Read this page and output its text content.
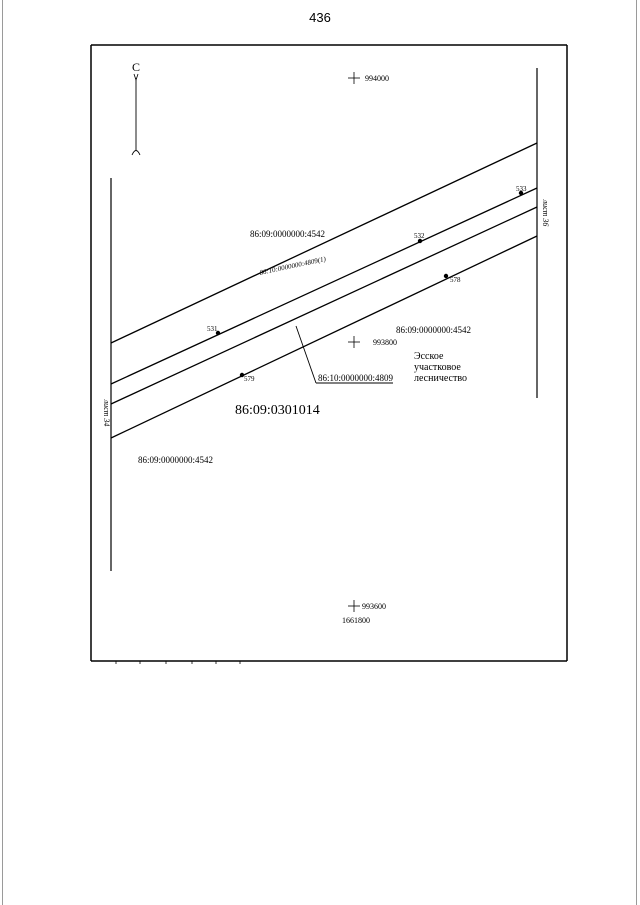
436
С
лист 34
лист 36
994000
993800
993600
1661800
86:09:0000000:4542
86:10:0000000:4809(1)
86:09:0000000:4542
86:09:0000000:4542
86:09:0301014
86:10:0000000:4809
Эсское
участковое
лесничество
531
532
533
578
579
